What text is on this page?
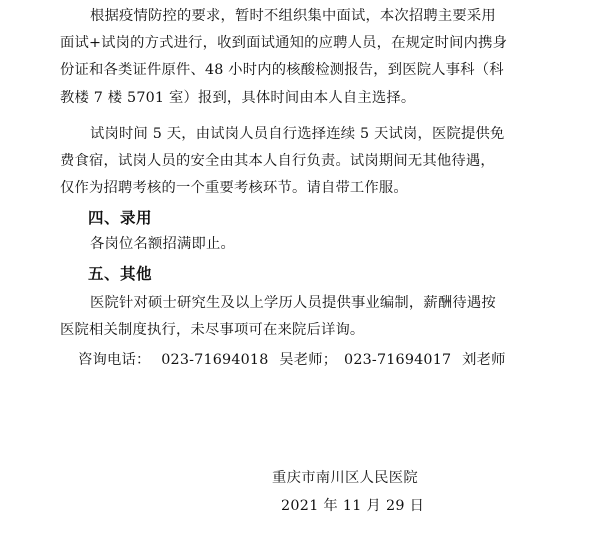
根据疫情防控的要求，暂时不组织集中面试，本次招聘主要采用
面试+试岗的方式进行，收到面试通知的应聘人员，在规定时间内携身
份证和各类证件原件、48 小时内的核酸检测报告，到医院人事科（科
教楼 7 楼 5701 室）报到，具体时间由本人自主选择。
试岗时间 5 天，由试岗人员自行选择连续 5 天试岗，医院提供免
费食宿，试岗人员的安全由其本人自行负责。试岗期间无其他待遇，
仅作为招聘考核的一个重要考核环节。请自带工作服。
四、录用
各岗位名额招满即止。
五、其他
医院针对硕士研究生及以上学历人员提供事业编制，薪酬待遇按
医院相关制度执行，未尽事项可在来院后详询。
咨询电话： 023-71694018 吴老师； 023-71694017 刘老师
重庆市南川区人民医院
2021 年 11 月 29 日
